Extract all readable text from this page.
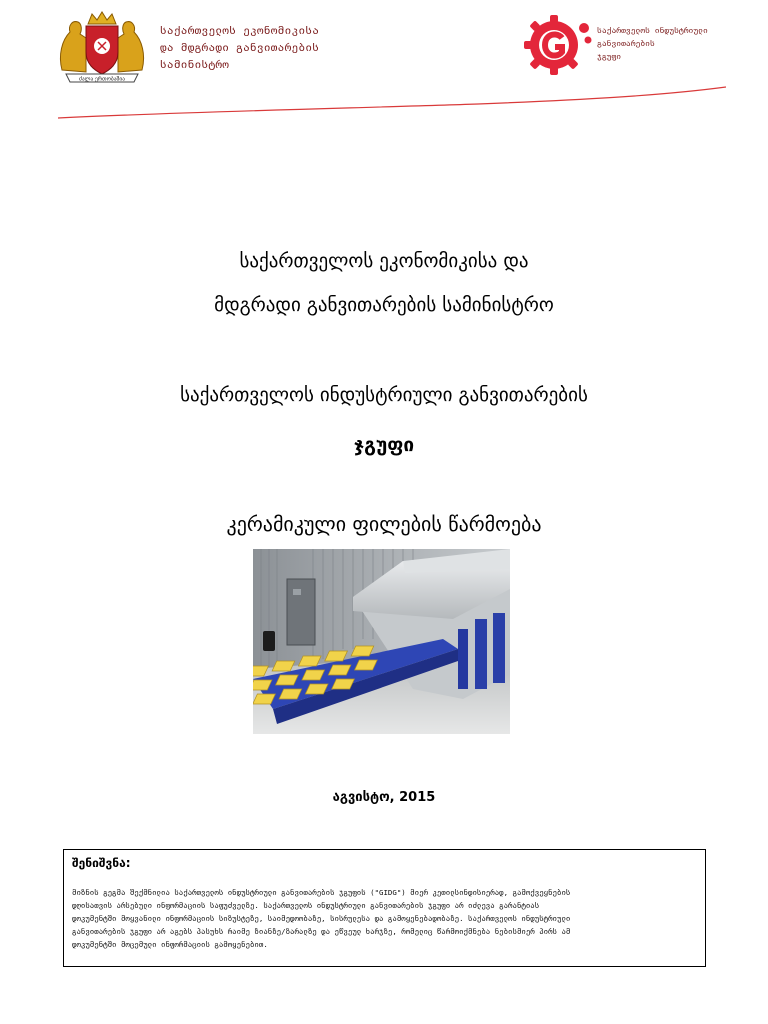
ძალა ერთობაშია
საქართველოს ეკონომიკისა
და მდგრადი განვითარების
სამინისტრო
საქართველოს ინდუსტრიული
განვითარების
ჯგუფი
საქართველოს ეკონომიკისა და
მდგრადი განვითარების სამინისტრო
საქართველოს ინდუსტრიული განვითარების
ჯგუფი
კერამიკული ფილების წარმოება
აგვისტო, 2015
შენიშვნა:
მიზნის გეგმა შექმნილია საქართველოს ინდუსტრიული განვითარების ჯგუფის ("GIDG") მიერ კეთილსინდისიერად, გამოქვეყნების
დღისათვის არსებული ინფორმაციის საფუძველზე. საქართველოს ინდუსტრიული განვითარების ჯგუფი არ იძლევა გარანტიას
დოკუმენტში მოყვანილი ინფორმაციის სიზუსტეზე, საიმედოობაზე, სისრულესა და გამოყენებადობაზე. საქართველოს ინდუსტრიული
განვითარების ჯგუფი არ აგებს პასუხს რაიმე ზიანზე/ზარალზე და ეწვეულ ხარჯზე, რომელიც წარმოიქმნება ნებისმიერ პირს ამ
დოკუმენტში მოცემული ინფორმაციის გამოყენებით.
